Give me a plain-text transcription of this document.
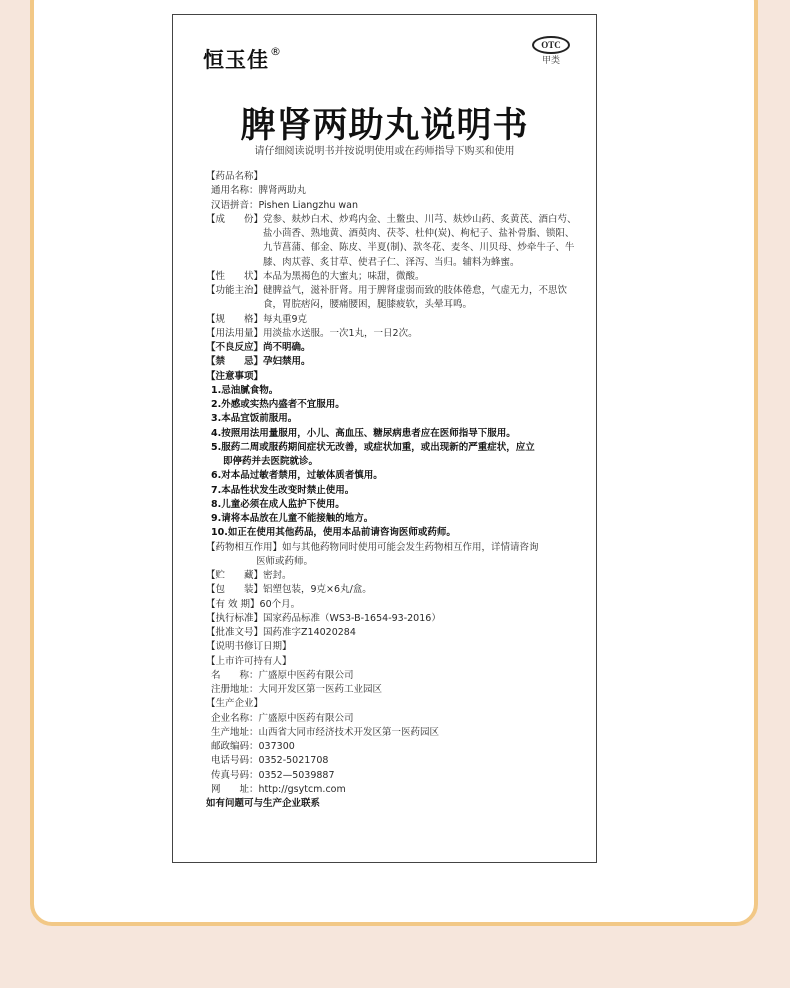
恒玉佳®	OTC
甲类
脾肾两助丸说明书
请仔细阅读说明书并按说明使用或在药师指导下购买和使用
【药品名称】
通用名称： 脾肾两助丸
汉语拼音： Pishen Liangzhu wan
【成　　份】 党参、麸炒白术、炒鸡内金、土鳖虫、川芎、麸炒山药、炙黄芪、酒白芍、盐小茴香、熟地黄、酒萸肉、茯苓、杜仲(炭)、枸杞子、盐补骨脂、锁阳、九节菖蒲、郁金、陈皮、半夏(制)、款冬花、麦冬、川贝母、炒牵牛子、牛膝、肉苁蓉、炙甘草、使君子仁、泽泻、当归。辅料为蜂蜜。
【性　　状】 本品为黑褐色的大蜜丸；味甜，微酸。
【功能主治】 健脾益气，滋补肝肾。用于脾肾虚弱而致的肢体倦怠，气虚无力，不思饮食，胃脘痞闷，腰痛腰困，腿膝疲软，头晕耳鸣。
【规　　格】 每丸重9克
【用法用量】 用淡盐水送服。一次1丸，一日2次。
【不良反应】 尚不明确。
【禁　　忌】 孕妇禁用。
【注意事项】
1.忌油腻食物。
2.外感或实热内盛者不宜服用。
3.本品宜饭前服用。
4.按照用法用量服用，小儿、高血压、糖尿病患者应在医师指导下服用。
5.服药二周或服药期间症状无改善，或症状加重，或出现新的严重症状，应立
即停药并去医院就诊。
6.对本品过敏者禁用，过敏体质者慎用。
7.本品性状发生改变时禁止使用。
8.儿童必须在成人监护下使用。
9.请将本品放在儿童不能接触的地方。
10.如正在使用其他药品，使用本品前请咨询医师或药师。
【药物相互作用】 如与其他药物同时使用可能会发生药物相互作用，详情请咨询
医师或药师。
【贮　　藏】 密封。
【包　　装】 铝塑包装，9克×6丸/盒。
【有 效 期】 60个月。
【执行标准】 国家药品标准（WS3-B-1654-93-2016）
【批准文号】 国药准字Z14020284
【说明书修订日期】
【上市许可持有人】
名　　称： 广盛原中医药有限公司
注册地址： 大同开发区第一医药工业园区
【生产企业】
企业名称： 广盛原中医药有限公司
生产地址： 山西省大同市经济技术开发区第一医药园区
邮政编码： 037300
电话号码： 0352-5021708
传真号码： 0352—5039887
网　　址： http://gsytcm.com
如有问题可与生产企业联系
